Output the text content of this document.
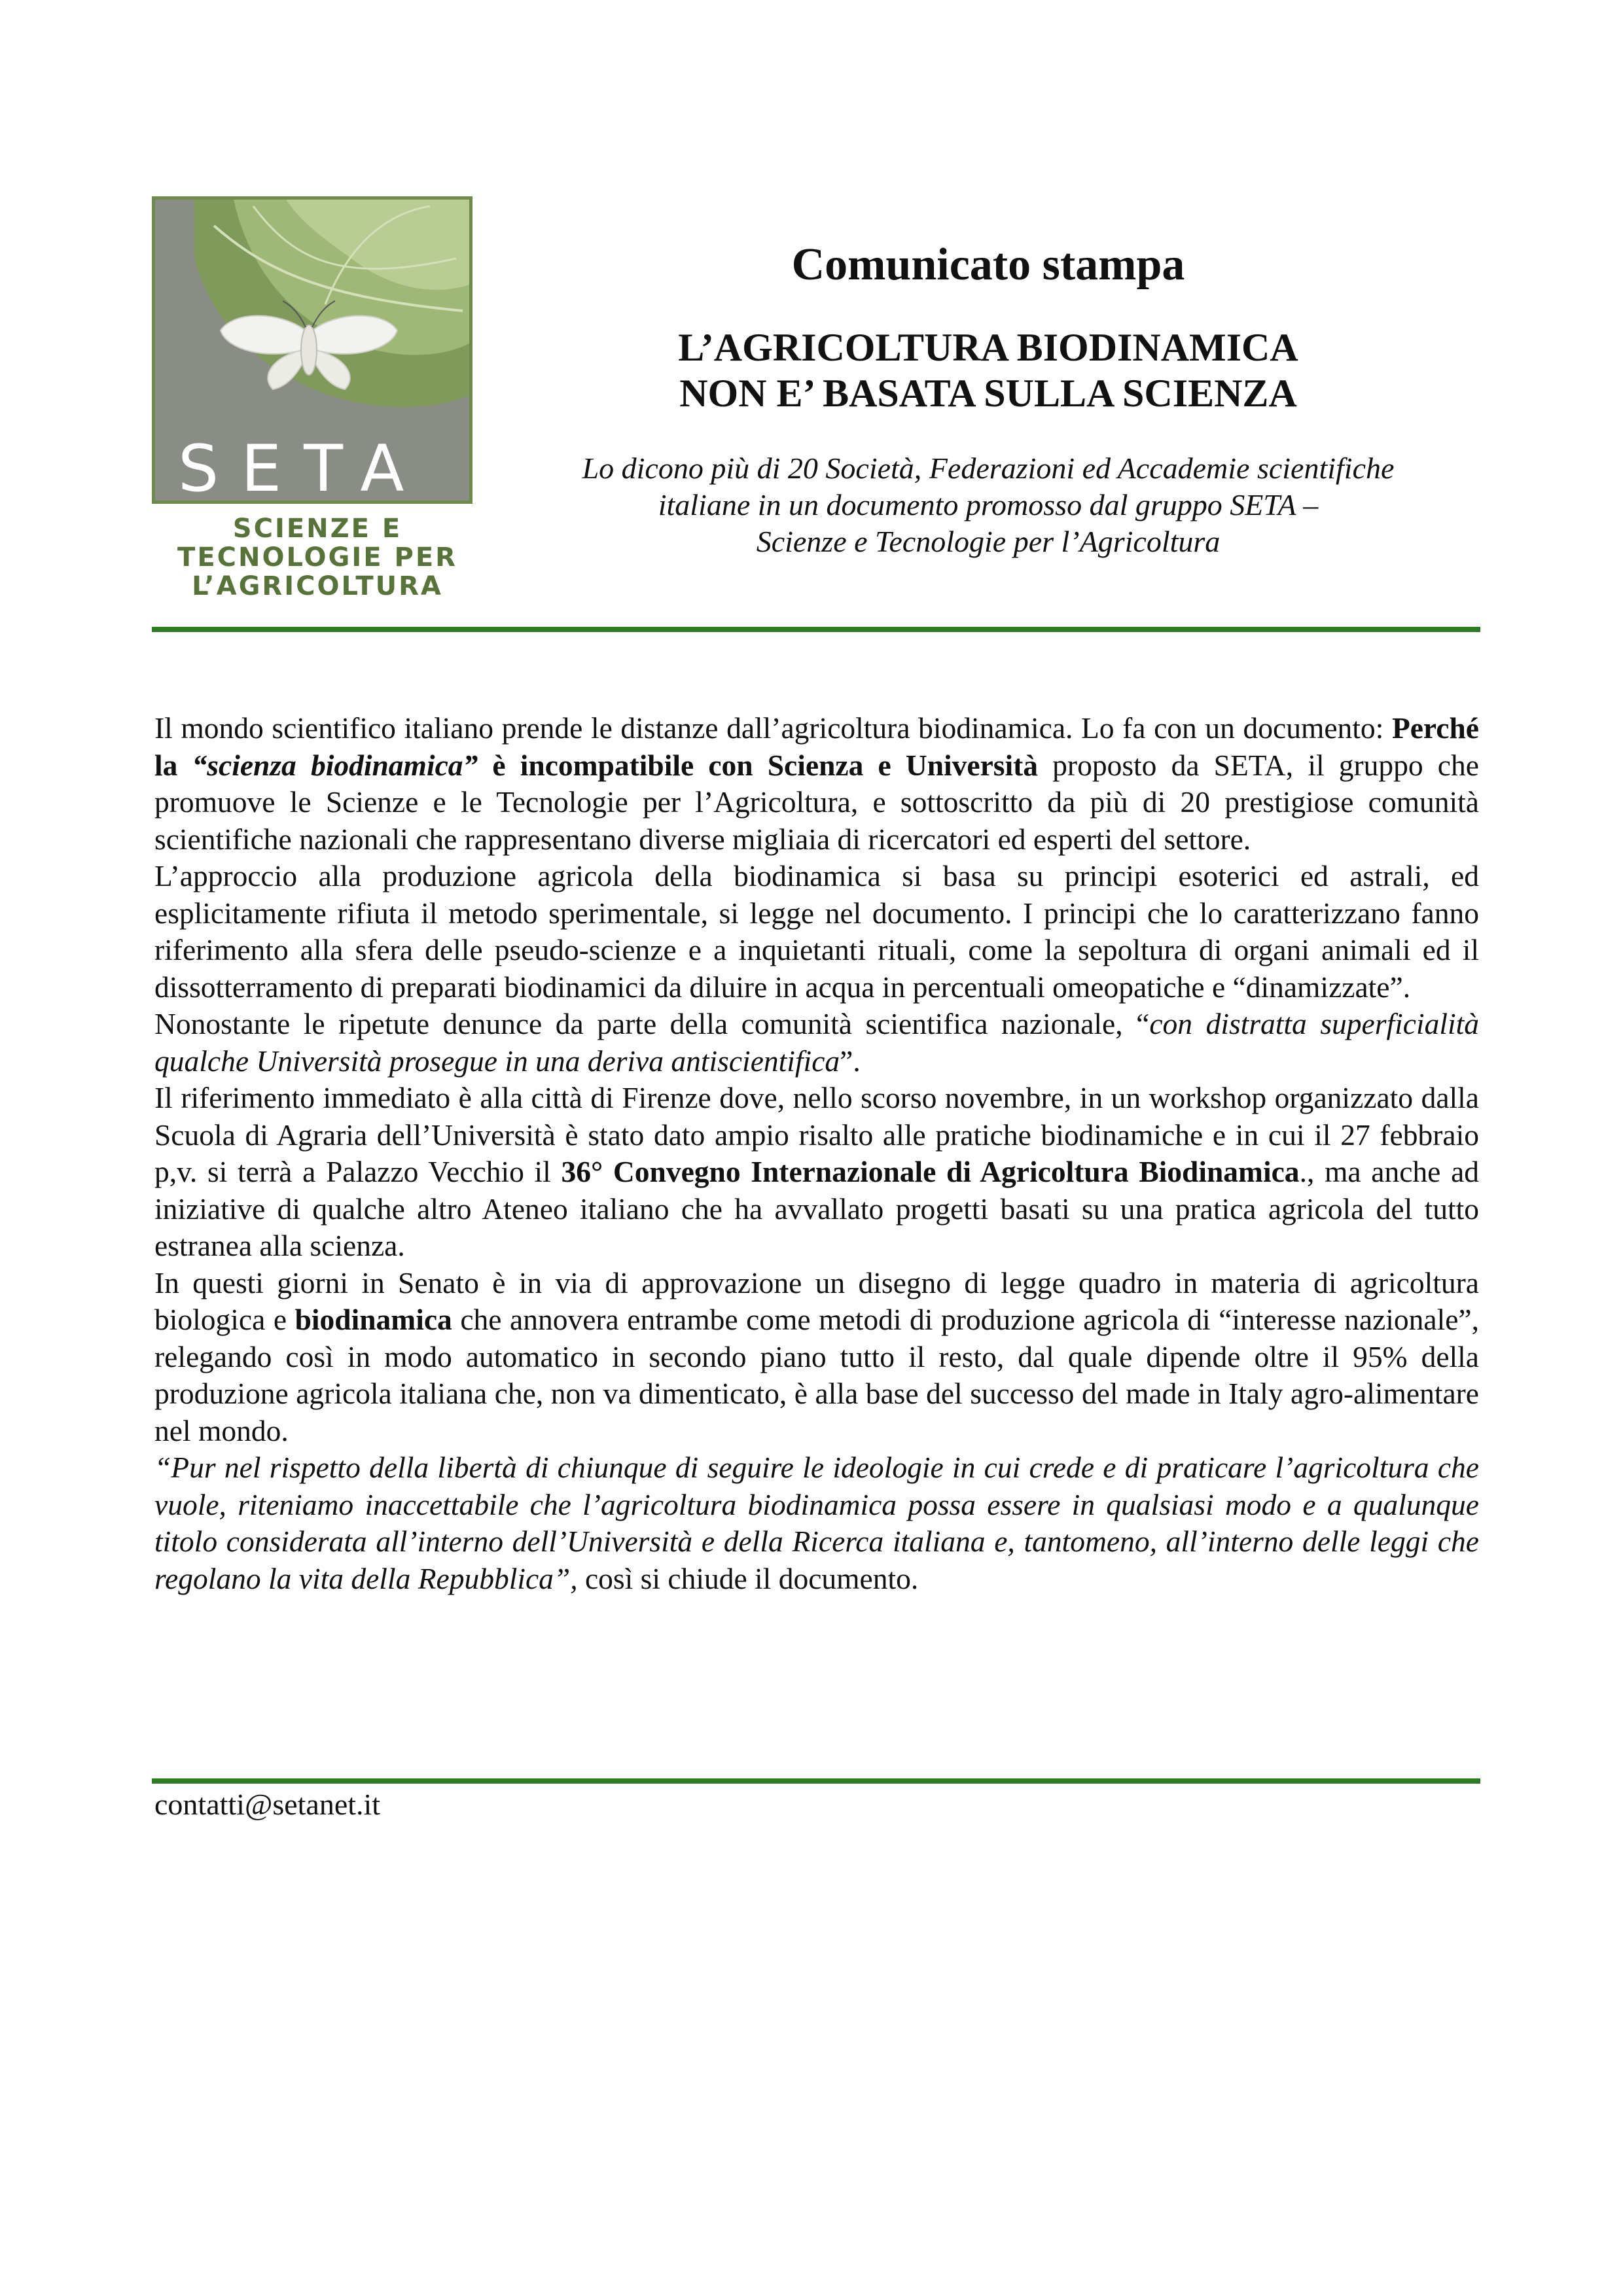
SETA
SCIENZE E
TECNOLOGIE PER
L’AGRICOLTURA
Comunicato stampa
L’AGRICOLTURA BIODINAMICA
NON E’ BASATA SULLA SCIENZA
Lo dicono più di 20 Società, Federazioni ed Accademie scientifiche
italiane in un documento promosso dal gruppo SETA –
Scienze e Tecnologie per l’Agricoltura

Il mondo scientifico italiano prende le distanze dall’agricoltura biodinamica. Lo fa con un documento: Perché la “scienza biodinamica” è incompatibile con Scienza e Università proposto da SETA, il gruppo che promuove le Scienze e le Tecnologie per l’Agricoltura, e sottoscritto da più di 20 prestigiose comunità scientifiche nazionali che rappresentano diverse migliaia di ricercatori ed esperti del settore.

L’approccio alla produzione agricola della biodinamica si basa su principi esoterici ed astrali, ed esplicitamente rifiuta il metodo sperimentale, si legge nel documento. I principi che lo caratterizzano fanno riferimento alla sfera delle pseudo-scienze e a inquietanti rituali, come la sepoltura di organi animali ed il dissotterramento di preparati biodinamici da diluire in acqua in percentuali omeopatiche e “dinamizzate”.

Nonostante le ripetute denunce da parte della comunità scientifica nazionale, “con distratta superficialità qualche Università prosegue in una deriva antiscientifica”.

Il riferimento immediato è alla città di Firenze dove, nello scorso novembre, in un workshop organizzato dalla Scuola di Agraria dell’Università è stato dato ampio risalto alle pratiche biodinamiche e in cui il 27 febbraio p,v. si terrà a Palazzo Vecchio il 36° Convegno Internazionale di Agricoltura Biodinamica., ma anche ad iniziative di qualche altro Ateneo italiano che ha avvallato progetti basati su una pratica agricola del tutto estranea alla scienza.

In questi giorni in Senato è in via di approvazione un disegno di legge quadro in materia di agricoltura biologica e biodinamica che annovera entrambe come metodi di produzione agricola di “interesse nazionale”, relegando così in modo automatico in secondo piano tutto il resto, dal quale dipende oltre il 95% della produzione agricola italiana che, non va dimenticato, è alla base del successo del made in Italy agro-alimentare nel mondo.

“Pur nel rispetto della libertà di chiunque di seguire le ideologie in cui crede e di praticare l’agricoltura che vuole, riteniamo inaccettabile che l’agricoltura biodinamica possa essere in qualsiasi modo e a qualunque titolo considerata all’interno dell’Università e della Ricerca italiana e, tantomeno, all’interno delle leggi che regolano la vita della Repubblica”, così si chiude il documento.

contatti@setanet.it
